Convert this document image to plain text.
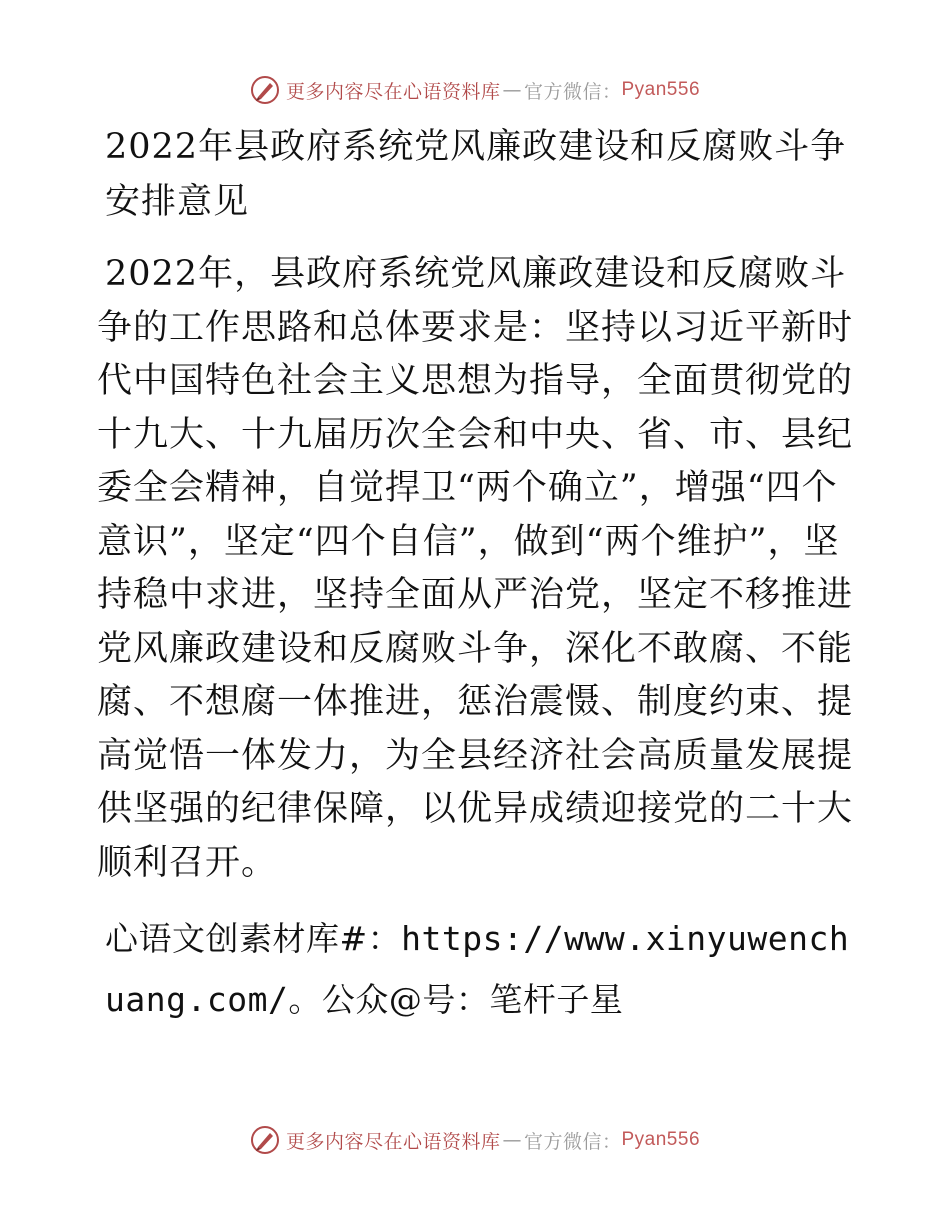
更多内容尽在心语资料库 — 官方微信： Pyan556
2022年县政府系统党风廉政建设和反腐败斗争安排意见

2022年，县政府系统党风廉政建设和反腐败斗争的工作思路和总体要求是：坚持以习近平新时代中国特色社会主义思想为指导，全面贯彻党的十九大、十九届历次全会和中央、省、市、县纪委全会精神，自觉捍卫“两个确立”，增强“四个意识”，坚定“四个自信”，做到“两个维护”，坚持稳中求进，坚持全面从严治党，坚定不移推进党风廉政建设和反腐败斗争，深化不敢腐、不能腐、不想腐一体推进，惩治震慑、制度约束、提高觉悟一体发力，为全县经济社会高质量发展提供坚强的纪律保障，以优异成绩迎接党的二十大顺利召开。

心语文创素材库#：https://www.xinyuwenchuang.com/。公众@号：笔杆子星

更多内容尽在心语资料库 — 官方微信： Pyan556
